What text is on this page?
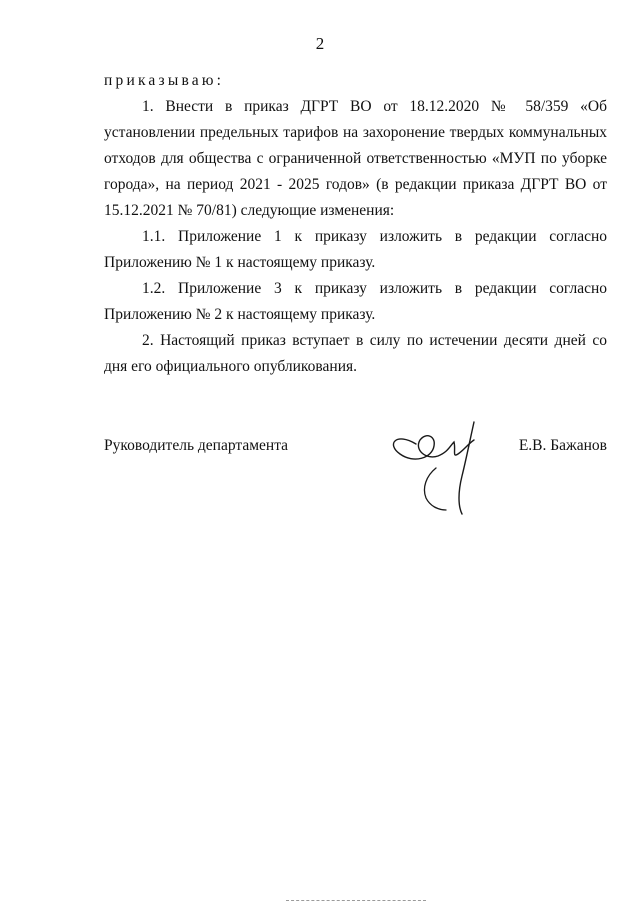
2
приказываю:
1. Внести в приказ ДГРТ ВО от 18.12.2020 № 58/359 «Об установлении предельных тарифов на захоронение твердых коммунальных отходов для общества с ограниченной ответственностью «МУП по уборке города», на период 2021 - 2025 годов» (в редакции приказа ДГРТ ВО от 15.12.2021 № 70/81) следующие изменения:
1.1. Приложение 1 к приказу изложить в редакции согласно Приложению № 1 к настоящему приказу.
1.2. Приложение 3 к приказу изложить в редакции согласно Приложению № 2 к настоящему приказу.
2. Настоящий приказ вступает в силу по истечении десяти дней со дня его официального опубликования.
Руководитель департамента	Е.В. Бажанов
